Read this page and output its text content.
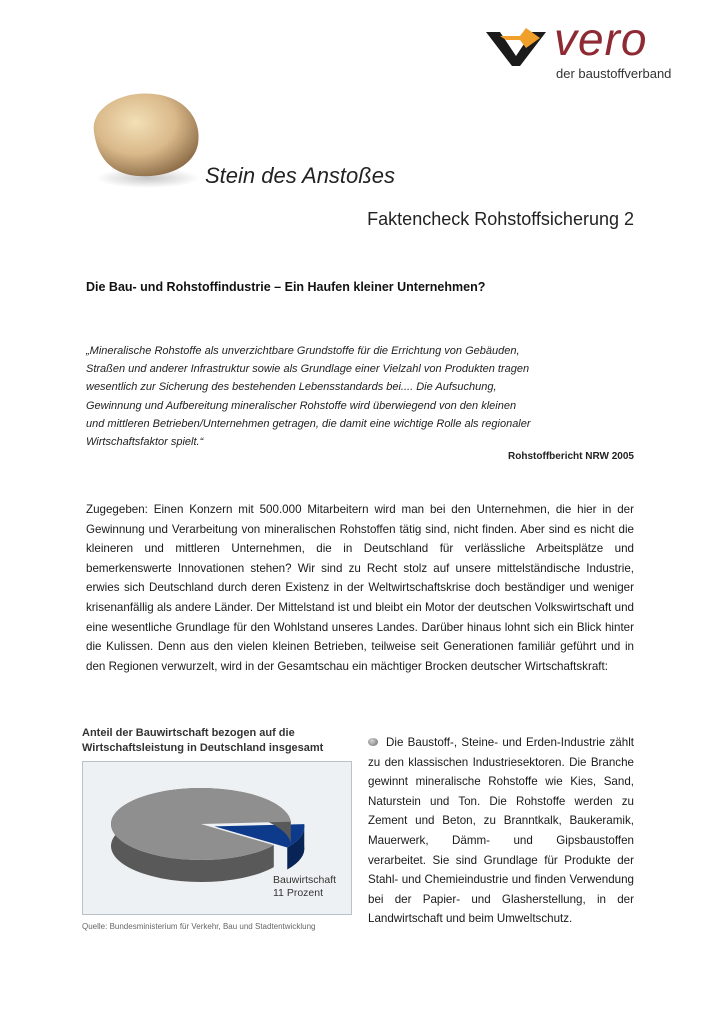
vero
der baustoffverband
Stein des Anstoßes
Faktencheck Rohstoffsicherung 2
Die Bau- und Rohstoffindustrie – Ein Haufen kleiner Unternehmen?
„Mineralische Rohstoffe als unverzichtbare Grundstoffe für die Errichtung von Gebäuden, Straßen und anderer Infrastruktur sowie als Grundlage einer Vielzahl von Produkten tragen wesentlich zur Sicherung des bestehenden Lebensstandards bei.... Die Aufsuchung, Gewinnung und Aufbereitung mineralischer Rohstoffe wird überwiegend von den kleinen und mittleren Betrieben/Unternehmen getragen, die damit eine wichtige Rolle als regionaler Wirtschaftsfaktor spielt.“
Rohstoffbericht NRW 2005
Zugegeben: Einen Konzern mit 500.000 Mitarbeitern wird man bei den Unternehmen, die hier in der Gewinnung und Verarbeitung von mineralischen Rohstoffen tätig sind, nicht finden. Aber sind es nicht die kleineren und mittleren Unternehmen, die in Deutschland für verlässliche Arbeitsplätze und bemerkenswerte Innovationen stehen? Wir sind zu Recht stolz auf unsere mittelständische Industrie, erwies sich Deutschland durch deren Existenz in der Weltwirtschaftskrise doch beständiger und weniger krisenanfällig als andere Länder. Der Mittelstand ist und bleibt ein Motor der deutschen Volkswirtschaft und eine wesentliche Grundlage für den Wohlstand unseres Landes. Darüber hinaus lohnt sich ein Blick hinter die Kulissen. Denn aus den vielen kleinen Betrieben, teilweise seit Generationen familiär geführt und in den Regionen verwurzelt, wird in der Gesamtschau ein mächtiger Brocken deutscher Wirtschaftskraft:
Anteil der Bauwirtschaft bezogen auf die Wirtschaftsleistung in Deutschland insgesamt
Bauwirtschaft
11 Prozent
Quelle: Bundesministerium für Verkehr, Bau und Stadtentwicklung
Die Baustoff-, Steine- und Erden-Industrie zählt zu den klassischen Industriesektoren. Die Branche gewinnt mineralische Rohstoffe wie Kies, Sand, Naturstein und Ton. Die Rohstoffe werden zu Zement und Beton, zu Branntkalk, Baukeramik, Mauerwerk, Dämm- und Gipsbaustoffen verarbeitet. Sie sind Grundlage für Produkte der Stahl- und Chemieindustrie und finden Verwendung bei der Papier- und Glasherstellung, in der Landwirtschaft und beim Umweltschutz.
